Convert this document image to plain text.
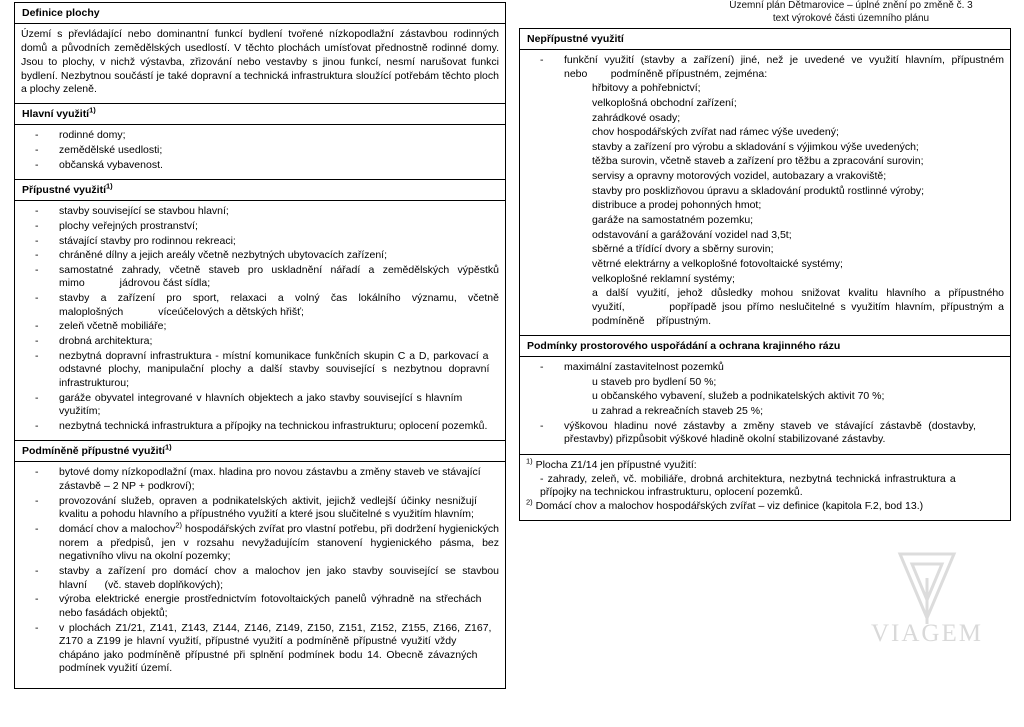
Územní plán Dětmarovice – úplné znění po změně č. 3
text výrokové části územního plánu
Definice plochy

Území s převládající nebo dominantní funkcí bydlení tvořené nízkopodlažní zástavbou rodinných domů a původních zemědělských usedlostí. V těchto plochách umísťovat přednostně rodinné domy. Jsou to plochy, v nichž výstavba, zřizování nebo vestavby s jinou funkcí, nesmí narušovat funkci bydlení. Nezbytnou součástí je také dopravní a technická infrastruktura sloužící potřebám těchto ploch a plochy zeleně.

Hlavní využití$^{1)}$
- rodinné domy;
- zemědělské usedlosti;
- občanská vybavenost.
Přípustné využití$^{1)}$
- stavby související se stavbou hlavní;
- plochy veřejných prostranství;
- stávající stavby pro rodinnou rekreaci;
- chráněné dílny a jejich areály včetně nezbytných ubytovacích zařízení;
- samostatné zahrady, včetně staveb pro uskladnění nářadí a zemědělských výpěstků mimo            jádrovou část sídla;
- stavby a zařízení pro sport, relaxaci a volný čas lokálního významu, včetně maloplošných            víceúčelových a dětských hřišť;
- zeleň včetně mobiliáře;
- drobná architektura;
- nezbytná dopravní infrastruktura - místní komunikace funkčních skupin C a D, parkovací a    odstavné plochy, manipulační plochy a další stavby související s nezbytnou dopravní   infrastrukturou;
- garáže obyvatel integrované v hlavních objektech a jako stavby související s hlavním           využitím;
- nezbytná technická infrastruktura a přípojky na technickou infrastrukturu; oplocení pozemků.
Podmíněně přípustné využití$^{1)}$
- bytové domy nízkopodlažní (max. hladina pro novou zástavbu a změny staveb ve stávající       zástavbě – 2 NP + podkroví);
- provozování služeb, opraven a podnikatelských aktivit, jejichž vedlejší účinky nesnižují      kvalitu a pohodu hlavního a přípustného využití a které jsou slučitelné s využitím hlavním;
- domácí chov a malochov$^{2)}$ hospodářských zvířat pro vlastní potřebu, při dodržení hygienických norem a předpisů, jen v rozsahu nevyžadujícím stanovení hygienického pásma, bez negativního vlivu na okolní pozemky;
- stavby a zařízení pro domácí chov a malochov jen jako stavby související se stavbou hlavní      (vč. staveb doplňkových);
- výroba elektrické energie prostřednictvím fotovoltaických panelů výhradně na střechách     nebo fasádách objektů;
- v plochách Z1/21, Z141, Z143, Z144, Z146, Z149, Z150, Z151, Z152, Z155, Z166, Z167,   Z170 a Z199 je hlavní využití, přípustné využití a podmíněně přípustné využití vždy            chápáno jako podmíněně přípustné při splnění podmínek bodu 14. Obecně závazných      podmínek využití území.
Nepřípustné využití
- funkční využití (stavby a zařízení) jiné, než je uvedené ve využití hlavním, přípustném nebo        podmíněně přípustném, zejména:
hřbitovy a pohřebnictví;
velkoplošná obchodní zařízení;
zahrádkové osady;
chov hospodářských zvířat nad rámec výše uvedený;
stavby a zařízení pro výrobu a skladování s výjimkou výše uvedených;
těžba surovin, včetně staveb a zařízení pro těžbu a zpracování surovin;
servisy a opravny motorových vozidel, autobazary a vrakoviště;
stavby pro posklizňovou úpravu a skladování produktů rostlinné výroby;
distribuce a prodej pohonných hmot;
garáže na samostatném pozemku;
odstavování a garážování vozidel nad 3,5t;
sběrné a třídící dvory a sběrny surovin;
větrné elektrárny a velkoplošné fotovoltaické systémy;
velkoplošné reklamní systémy;
a další využití, jehož důsledky mohou snižovat kvalitu hlavního a přípustného využití,        popřípadě jsou přímo neslučitelné s využitím hlavním, přípustným a podmíněně    přípustným.
Podmínky prostorového uspořádání a ochrana krajinného rázu
- maximální zastavitelnost pozemků
u staveb pro bydlení 50 %;
u občanského vybavení, služeb a podnikatelských aktivit 70 %;
u zahrad a rekreačních staveb 25 %;
- výškovou hladinu nové zástavby a změny staveb ve stávající zástavbě (dostavby,      přestavby) přizpůsobit výškové hladině okolní stabilizované zástavby.
$^{1)}$ Plocha Z1/14 jen přípustné využití:
- zahrady, zeleň, vč. mobiliáře, drobná architektura, nezbytná technická infrastruktura a             přípojky na technickou infrastrukturu, oplocení pozemků.
$^{2)}$ Domácí chov a malochov hospodářských zvířat – viz definice (kapitola F.2, bod 13.)
VIAGEM
